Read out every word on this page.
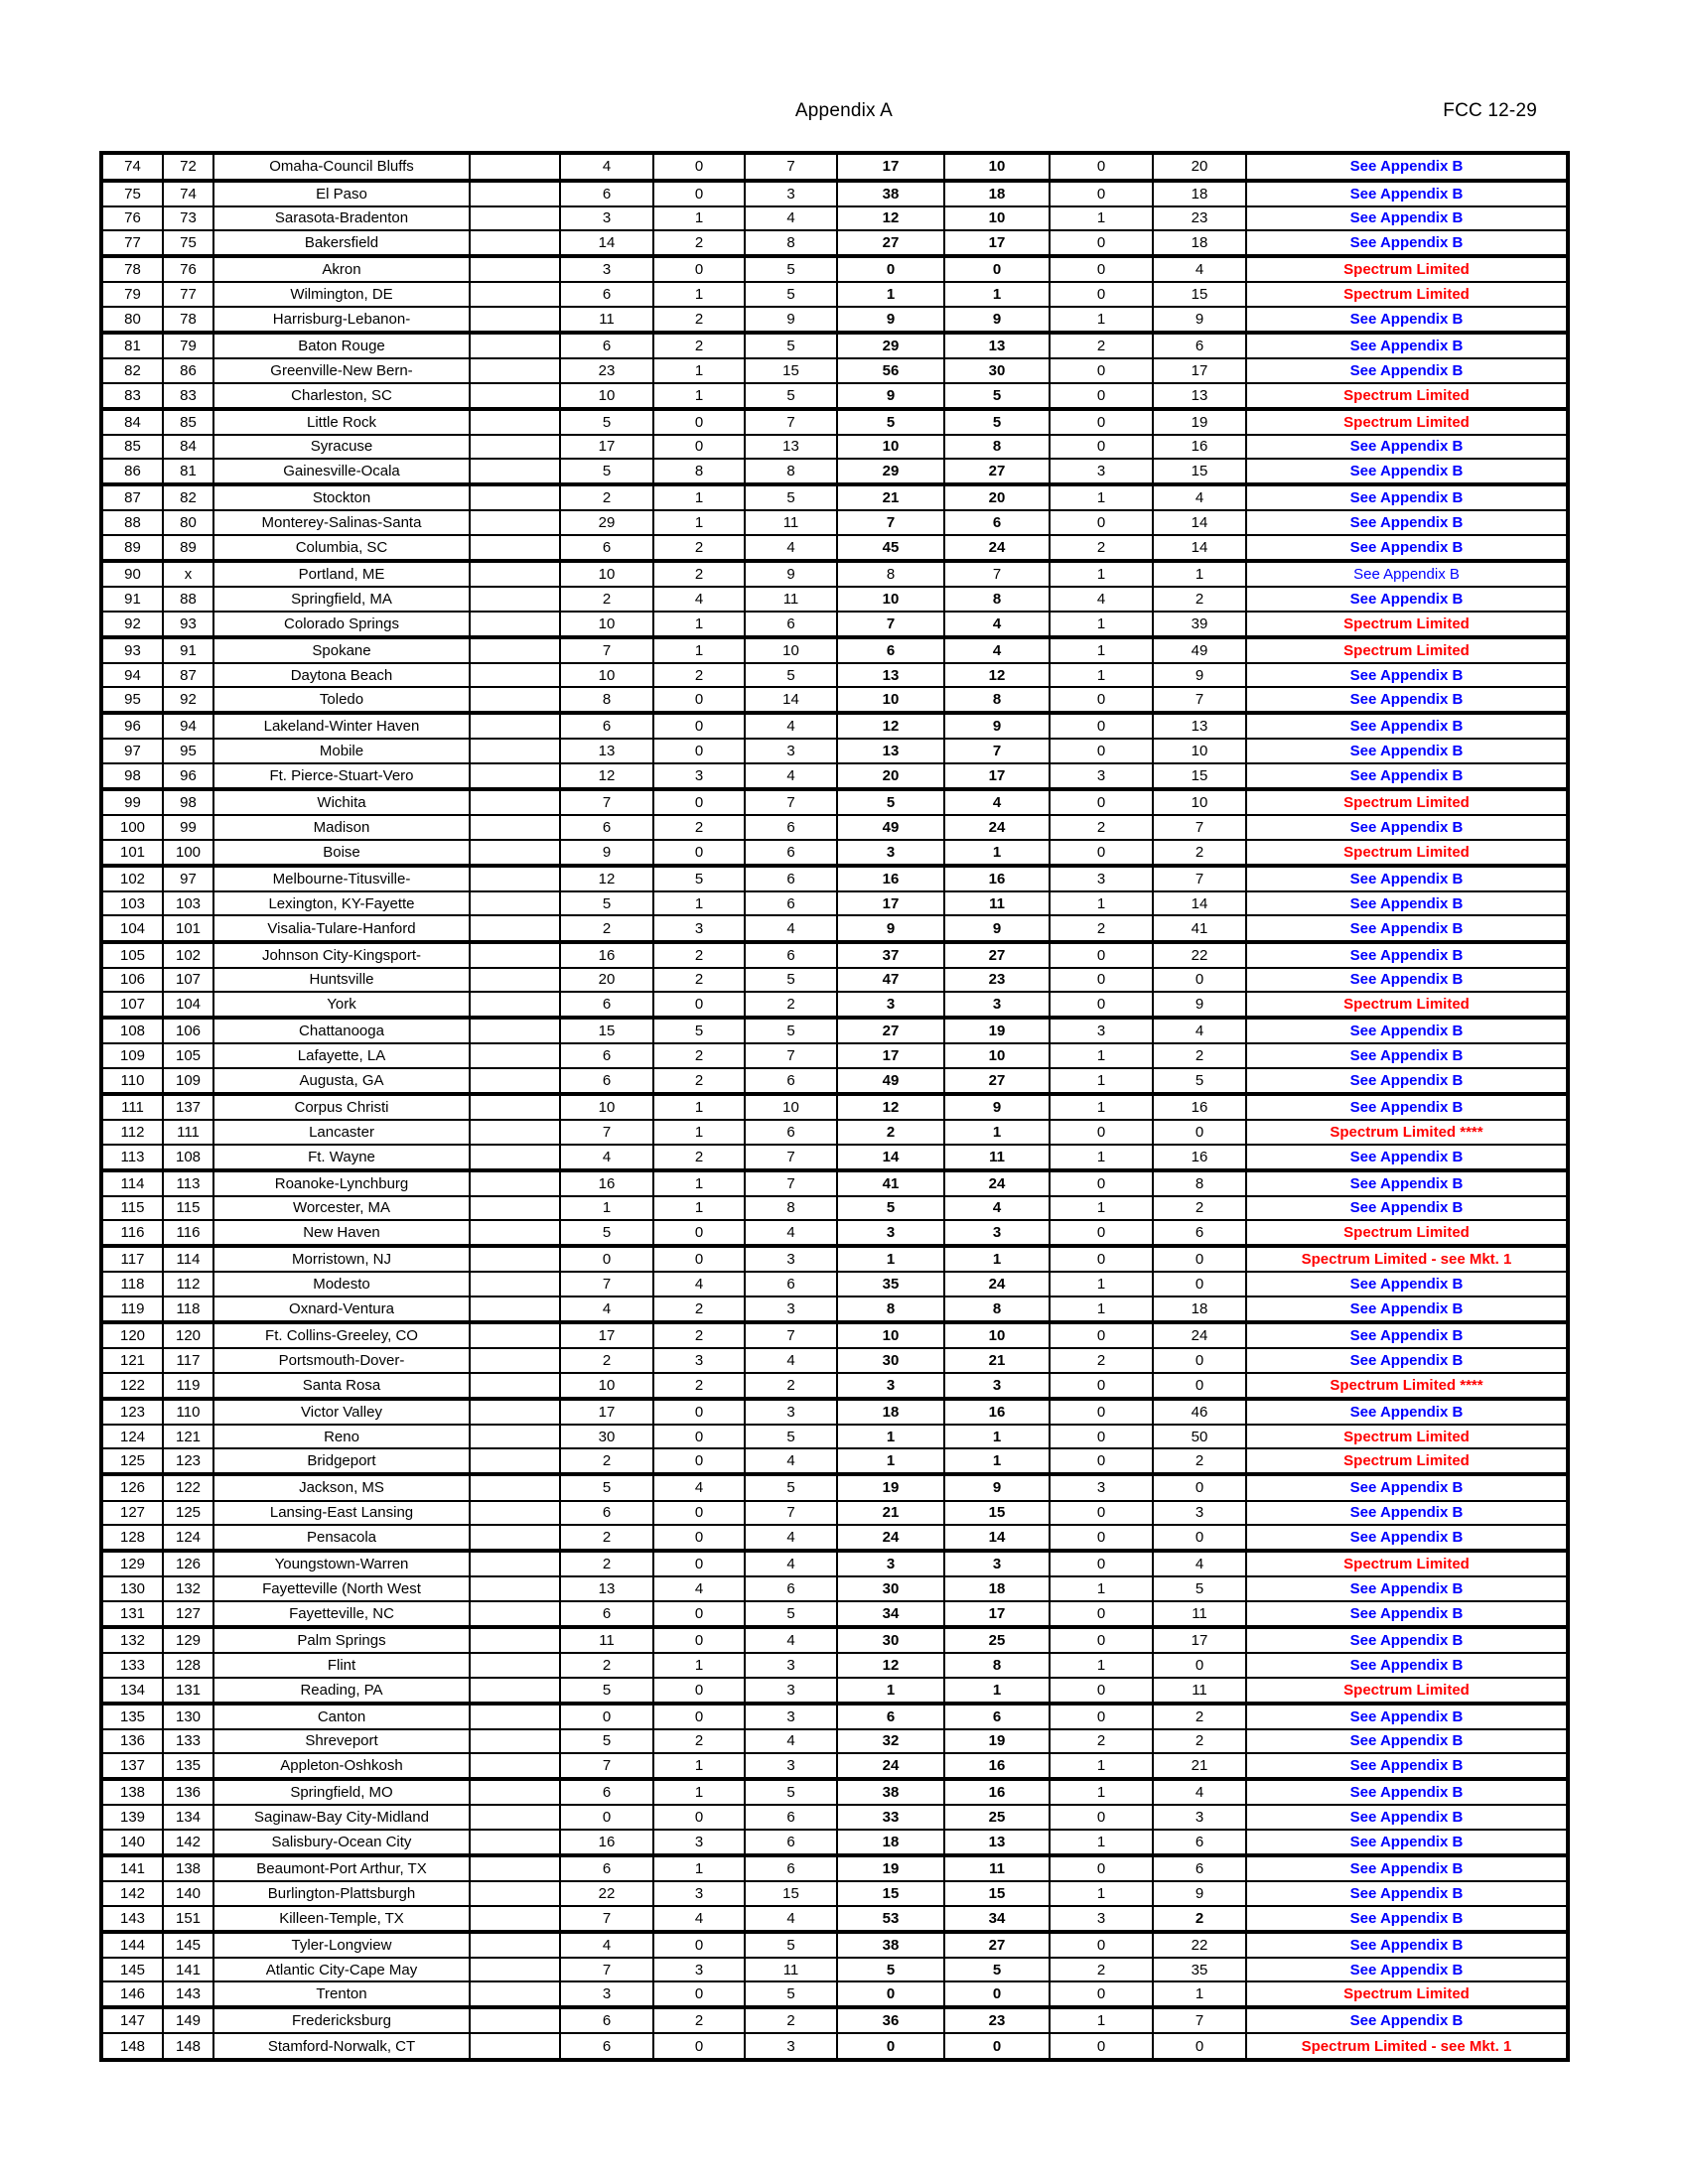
Appendix A	FCC 12-29
74	72	Omaha-Council Bluffs		4	0	7	17	10	0	20	See Appendix B
75	74	El Paso		6	0	3	38	18	0	18	See Appendix B
76	73	Sarasota-Bradenton		3	1	4	12	10	1	23	See Appendix B
77	75	Bakersfield		14	2	8	27	17	0	18	See Appendix B
78	76	Akron		3	0	5	0	0	0	4	Spectrum Limited
79	77	Wilmington, DE		6	1	5	1	1	0	15	Spectrum Limited
80	78	Harrisburg-Lebanon-		11	2	9	9	9	1	9	See Appendix B
81	79	Baton Rouge		6	2	5	29	13	2	6	See Appendix B
82	86	Greenville-New Bern-		23	1	15	56	30	0	17	See Appendix B
83	83	Charleston, SC		10	1	5	9	5	0	13	Spectrum Limited
84	85	Little Rock		5	0	7	5	5	0	19	Spectrum Limited
85	84	Syracuse		17	0	13	10	8	0	16	See Appendix B
86	81	Gainesville-Ocala		5	8	8	29	27	3	15	See Appendix B
87	82	Stockton		2	1	5	21	20	1	4	See Appendix B
88	80	Monterey-Salinas-Santa		29	1	11	7	6	0	14	See Appendix B
89	89	Columbia, SC		6	2	4	45	24	2	14	See Appendix B
90	x	Portland, ME		10	2	9	8	7	1	1	See Appendix B
91	88	Springfield, MA		2	4	11	10	8	4	2	See Appendix B
92	93	Colorado Springs		10	1	6	7	4	1	39	Spectrum Limited
93	91	Spokane		7	1	10	6	4	1	49	Spectrum Limited
94	87	Daytona Beach		10	2	5	13	12	1	9	See Appendix B
95	92	Toledo		8	0	14	10	8	0	7	See Appendix B
96	94	Lakeland-Winter Haven		6	0	4	12	9	0	13	See Appendix B
97	95	Mobile		13	0	3	13	7	0	10	See Appendix B
98	96	Ft. Pierce-Stuart-Vero		12	3	4	20	17	3	15	See Appendix B
99	98	Wichita		7	0	7	5	4	0	10	Spectrum Limited
100	99	Madison		6	2	6	49	24	2	7	See Appendix B
101	100	Boise		9	0	6	3	1	0	2	Spectrum Limited
102	97	Melbourne-Titusville-		12	5	6	16	16	3	7	See Appendix B
103	103	Lexington, KY-Fayette		5	1	6	17	11	1	14	See Appendix B
104	101	Visalia-Tulare-Hanford		2	3	4	9	9	2	41	See Appendix B
105	102	Johnson City-Kingsport-		16	2	6	37	27	0	22	See Appendix B
106	107	Huntsville		20	2	5	47	23	0	0	See Appendix B
107	104	York		6	0	2	3	3	0	9	Spectrum Limited
108	106	Chattanooga		15	5	5	27	19	3	4	See Appendix B
109	105	Lafayette, LA		6	2	7	17	10	1	2	See Appendix B
110	109	Augusta, GA		6	2	6	49	27	1	5	See Appendix B
111	137	Corpus Christi		10	1	10	12	9	1	16	See Appendix B
112	111	Lancaster		7	1	6	2	1	0	0	Spectrum Limited ****
113	108	Ft. Wayne		4	2	7	14	11	1	16	See Appendix B
114	113	Roanoke-Lynchburg		16	1	7	41	24	0	8	See Appendix B
115	115	Worcester, MA		1	1	8	5	4	1	2	See Appendix B
116	116	New Haven		5	0	4	3	3	0	6	Spectrum Limited
117	114	Morristown, NJ		0	0	3	1	1	0	0	Spectrum Limited - see Mkt. 1
118	112	Modesto		7	4	6	35	24	1	0	See Appendix B
119	118	Oxnard-Ventura		4	2	3	8	8	1	18	See Appendix B
120	120	Ft. Collins-Greeley, CO		17	2	7	10	10	0	24	See Appendix B
121	117	Portsmouth-Dover-		2	3	4	30	21	2	0	See Appendix B
122	119	Santa Rosa		10	2	2	3	3	0	0	Spectrum Limited ****
123	110	Victor Valley		17	0	3	18	16	0	46	See Appendix B
124	121	Reno		30	0	5	1	1	0	50	Spectrum Limited
125	123	Bridgeport		2	0	4	1	1	0	2	Spectrum Limited
126	122	Jackson, MS		5	4	5	19	9	3	0	See Appendix B
127	125	Lansing-East Lansing		6	0	7	21	15	0	3	See Appendix B
128	124	Pensacola		2	0	4	24	14	0	0	See Appendix B
129	126	Youngstown-Warren		2	0	4	3	3	0	4	Spectrum Limited
130	132	Fayetteville (North West		13	4	6	30	18	1	5	See Appendix B
131	127	Fayetteville, NC		6	0	5	34	17	0	11	See Appendix B
132	129	Palm Springs		11	0	4	30	25	0	17	See Appendix B
133	128	Flint		2	1	3	12	8	1	0	See Appendix B
134	131	Reading, PA		5	0	3	1	1	0	11	Spectrum Limited
135	130	Canton		0	0	3	6	6	0	2	See Appendix B
136	133	Shreveport		5	2	4	32	19	2	2	See Appendix B
137	135	Appleton-Oshkosh		7	1	3	24	16	1	21	See Appendix B
138	136	Springfield, MO		6	1	5	38	16	1	4	See Appendix B
139	134	Saginaw-Bay City-Midland		0	0	6	33	25	0	3	See Appendix B
140	142	Salisbury-Ocean City		16	3	6	18	13	1	6	See Appendix B
141	138	Beaumont-Port Arthur, TX		6	1	6	19	11	0	6	See Appendix B
142	140	Burlington-Plattsburgh		22	3	15	15	15	1	9	See Appendix B
143	151	Killeen-Temple, TX		7	4	4	53	34	3	2	See Appendix B
144	145	Tyler-Longview		4	0	5	38	27	0	22	See Appendix B
145	141	Atlantic City-Cape May		7	3	11	5	5	2	35	See Appendix B
146	143	Trenton		3	0	5	0	0	0	1	Spectrum Limited
147	149	Fredericksburg		6	2	2	36	23	1	7	See Appendix B
148	148	Stamford-Norwalk, CT		6	0	3	0	0	0	0	Spectrum Limited - see Mkt. 1
